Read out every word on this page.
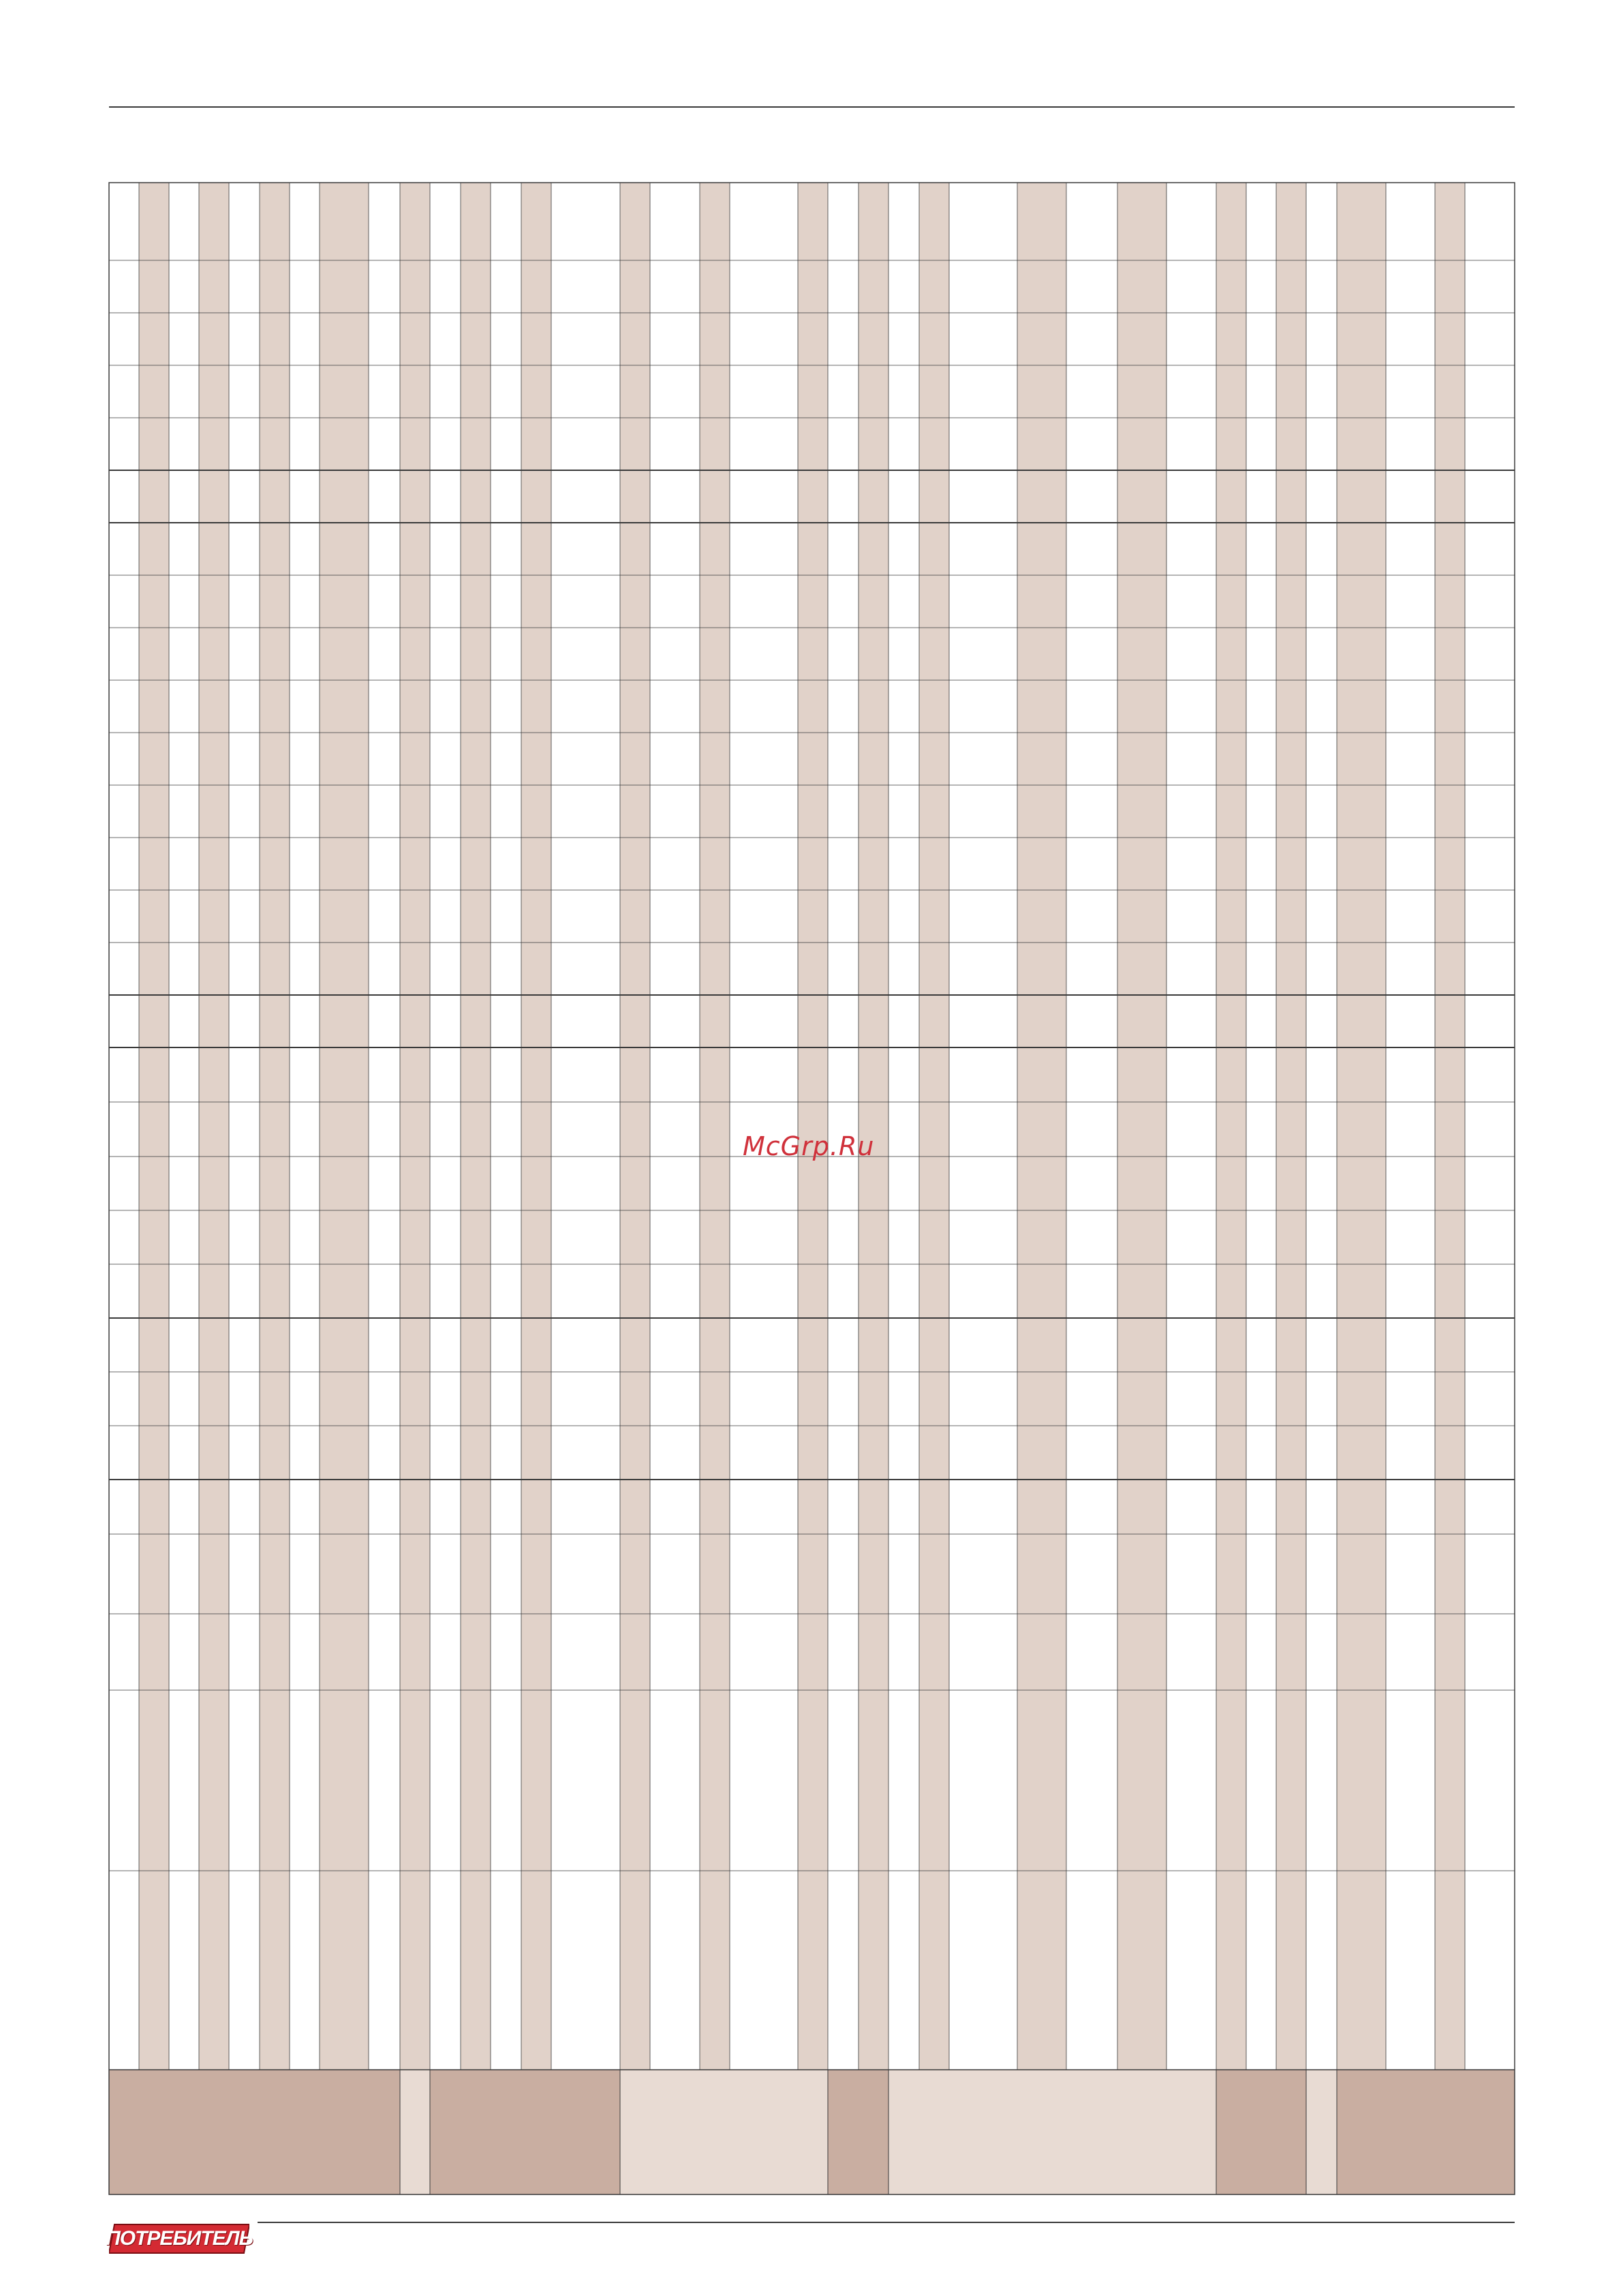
McGrp.Ru
ПОТРЕБИТЕЛЬ
